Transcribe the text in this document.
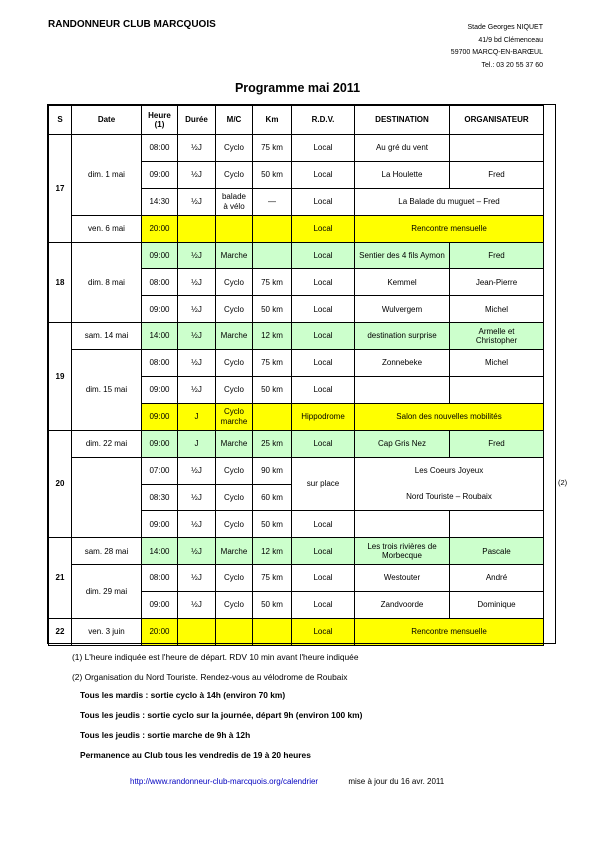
RANDONNEUR CLUB MARCQUOIS	Stade Georges NIQUET
41/9 bd Clémenceau
59700 MARCQ-EN-BARŒUL
Tel.: 03 20 55 37 60
Programme mai 2011
S	Date	Heure (1)	Durée	M/C	Km	R.D.V.	DESTINATION	ORGANISATEUR
17	dim. 1 mai	08:00	½J	Cyclo	75 km	Local	Au gré du vent	
		09:00	½J	Cyclo	50 km	Local	La Houlette	Fred
		14:30	½J	balade à vélo	—	Local	La Balade du muguet – Fred	
	ven. 6 mai	20:00				Local	Rencontre mensuelle	
18	dim. 8 mai	09:00	½J	Marche		Local	Sentier des 4 fils Aymon	Fred
		08:00	½J	Cyclo	75 km	Local	Kemmel	Jean-Pierre
		09:00	½J	Cyclo	50 km	Local	Wulvergem	Michel
19	sam. 14 mai	14:00	½J	Marche	12 km	Local	destination surprise	Armelle et Christopher
	dim. 15 mai	08:00	½J	Cyclo	75 km	Local	Zonnebeke	Michel
		09:00	½J	Cyclo	50 km	Local		
		09:00	J	Cyclo marche		Hippodrome	Salon des nouvelles mobilités	
20	dim. 22 mai	09:00	J	Marche	25 km	Local	Cap Gris Nez	Fred
		07:00	½J	Cyclo	90 km	sur place	Les Coeurs Joyeux
Nord Touriste – Roubaix	

		08:30	½J	Cyclo	60 km			
		09:00	½J	Cyclo	50 km	Local		
21	sam. 28 mai	14:00	½J	Marche	12 km	Local	Les trois rivières de Morbecque	Pascale
	dim. 29 mai	08:00	½J	Cyclo	75 km	Local	Westouter	André
		09:00	½J	Cyclo	50 km	Local	Zandvoorde	Dominique
22	ven. 3 juin	20:00				Local	Rencontre mensuelle	
(2)

(1) L'heure indiquée est l'heure de départ. RDV 10 min avant l'heure indiquée

(2) Organisation du Nord Touriste. Rendez-vous au vélodrome de Roubaix

Tous les mardis : sortie cyclo à 14h (environ 70 km)

Tous les jeudis : sortie cyclo sur la journée, départ 9h (environ 100 km)

Tous les jeudis : sortie marche de 9h à 12h

Permanence au Club tous les vendredis de 19 à 20 heures

http://www.randonneur-club-marcquois.org/calendrier	mise à jour du 16 avr. 2011
